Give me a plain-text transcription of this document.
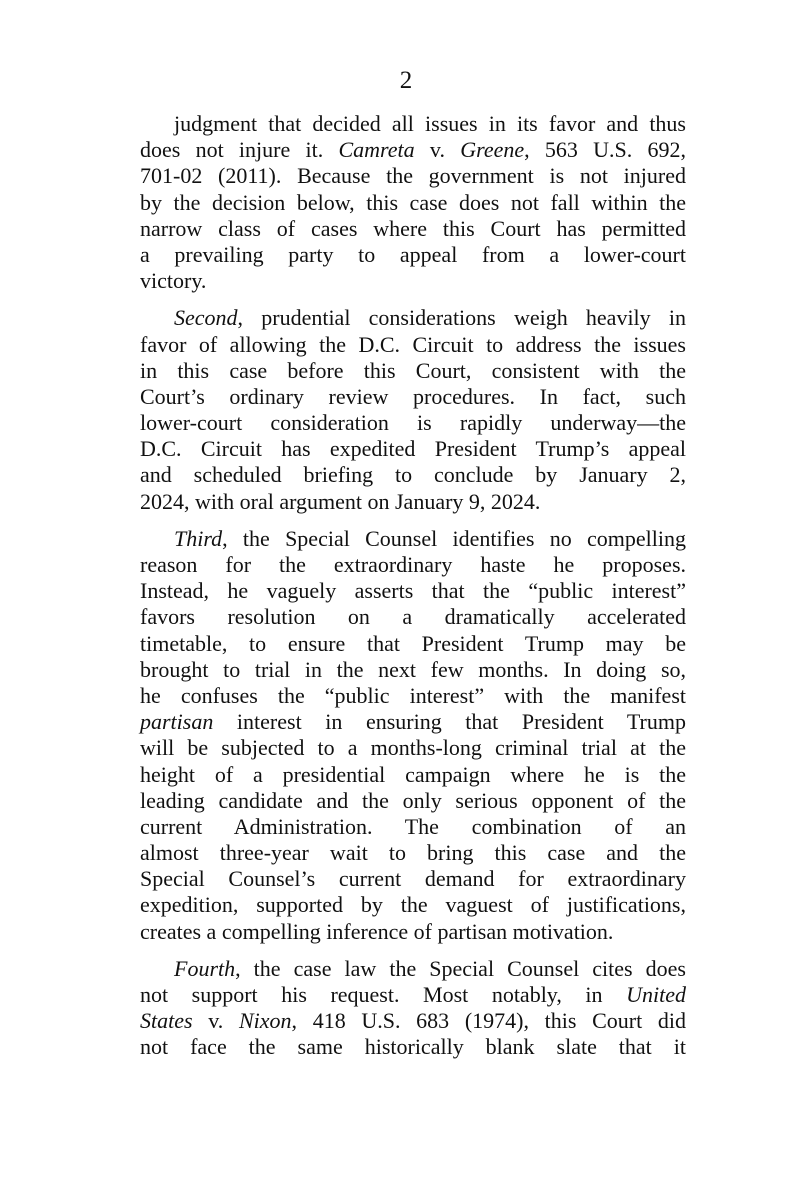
2
judgment that decided all issues in its favor and thus
does not injure it. Camreta v. Greene, 563 U.S. 692,
701-02 (2011). Because the government is not injured
by the decision below, this case does not fall within the
narrow class of cases where this Court has permitted
a prevailing party to appeal from a lower-court
victory.
Second, prudential considerations weigh heavily in
favor of allowing the D.C. Circuit to address the issues
in this case before this Court, consistent with the
Court’s ordinary review procedures. In fact, such
lower-court consideration is rapidly underway—the
D.C. Circuit has expedited President Trump’s appeal
and scheduled briefing to conclude by January 2,
2024, with oral argument on January 9, 2024.
Third, the Special Counsel identifies no compelling
reason for the extraordinary haste he proposes.
Instead, he vaguely asserts that the “public interest”
favors resolution on a dramatically accelerated
timetable, to ensure that President Trump may be
brought to trial in the next few months. In doing so,
he confuses the “public interest” with the manifest
partisan interest in ensuring that President Trump
will be subjected to a months-long criminal trial at the
height of a presidential campaign where he is the
leading candidate and the only serious opponent of the
current Administration. The combination of an
almost three-year wait to bring this case and the
Special Counsel’s current demand for extraordinary
expedition, supported by the vaguest of justifications,
creates a compelling inference of partisan motivation.
Fourth, the case law the Special Counsel cites does
not support his request. Most notably, in United
States v. Nixon, 418 U.S. 683 (1974), this Court did
not face the same historically blank slate that it
